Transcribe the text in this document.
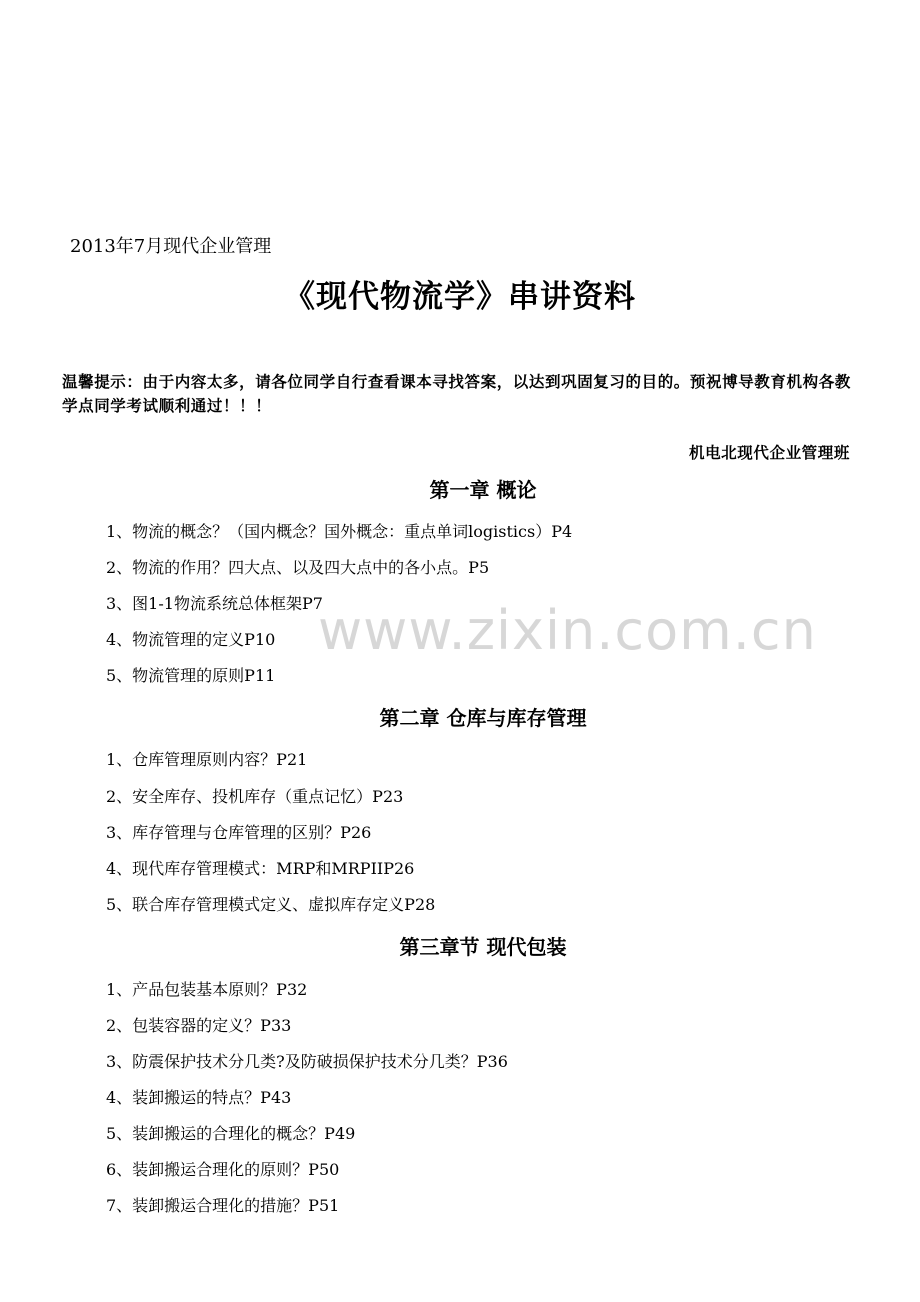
2013年7月现代企业管理
《现代物流学》串讲资料
温馨提示：由于内容太多，请各位同学自行查看课本寻找答案，以达到巩固复习的目的。预祝博导教育机构各教学点同学考试顺利通过！！！
机电北现代企业管理班
第一章 概论
1、物流的概念？（国内概念？国外概念：重点单词logistics）P4
2、物流的作用？四大点、以及四大点中的各小点。P5
3、图1-1物流系统总体框架P7
4、物流管理的定义P10
5、物流管理的原则P11
第二章 仓库与库存管理
1、仓库管理原则内容？P21
2、安全库存、投机库存（重点记忆）P23
3、库存管理与仓库管理的区别？P26
4、现代库存管理模式：MRP和MRPIIP26
5、联合库存管理模式定义、虚拟库存定义P28
第三章节 现代包装
1、产品包装基本原则？P32
2、包装容器的定义？P33
3、防震保护技术分几类?及防破损保护技术分几类？P36
4、装卸搬运的特点？P43
5、装卸搬运的合理化的概念？P49
6、装卸搬运合理化的原则？P50
7、装卸搬运合理化的措施？P51
www.zixin.com.cn
